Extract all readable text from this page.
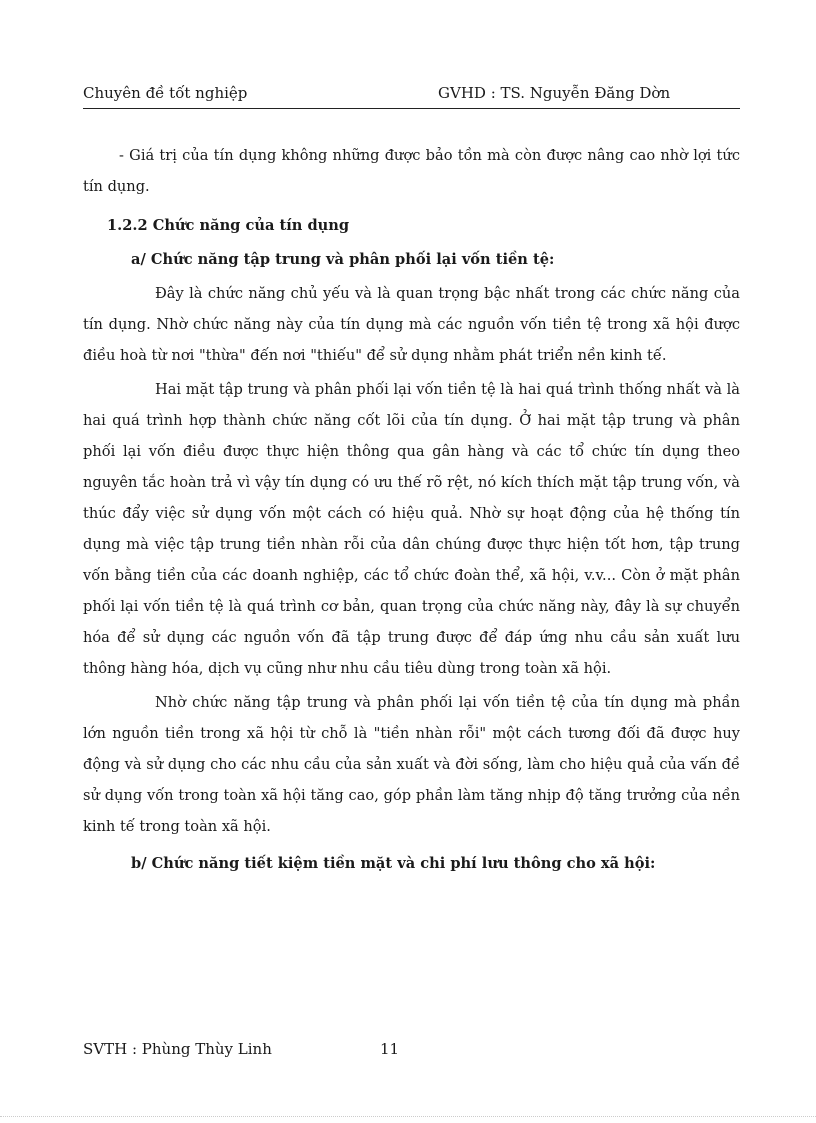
Chuyên đề tốt nghiệp	GVHD : TS. Nguyễn Đăng Dờn

- Giá trị của tín dụng không những được bảo tồn mà còn được nâng cao nhờ lợi tức tín dụng.

1.2.2 Chức năng của tín dụng
a/ Chức năng tập trung và phân phối lại vốn tiền tệ:

Đây là chức năng chủ yếu và là quan trọng bậc nhất trong các chức năng của tín dụng. Nhờ chức năng này của tín dụng mà các nguồn vốn tiền tệ trong xã hội được điều hoà từ nơi "thừa" đến nơi "thiếu" để sử dụng nhằm phát triển nền kinh tế.

Hai mặt tập trung và phân phối lại vốn tiền tệ là hai quá trình thống nhất và là hai quá trình hợp thành chức năng cốt lõi của tín dụng. Ở hai mặt tập trung và phân phối lại vốn điều được thực hiện thông qua gân hàng và các tổ chức tín dụng theo nguyên tắc hoàn trả vì vậy tín dụng có ưu thế rõ rệt, nó kích thích mặt tập trung vốn, và thúc đẩy việc sử dụng vốn một cách có hiệu quả. Nhờ sự hoạt động của hệ thống tín dụng mà việc tập trung tiền nhàn rỗi của dân chúng được thực hiện tốt hơn, tập trung vốn bằng tiền của các doanh nghiệp, các tổ chức đoàn thể, xã hội, v.v... Còn ở mặt phân phối lại vốn tiền tệ là quá trình cơ bản, quan trọng của chức năng này, đây là sự chuyển hóa để sử dụng các nguồn vốn đã tập trung được để đáp ứng nhu cầu sản xuất lưu thông hàng hóa, dịch vụ cũng như nhu cầu tiêu dùng trong toàn xã hội.

Nhờ chức năng tập trung và phân phối lại vốn tiền tệ của tín dụng mà phần lớn nguồn tiền trong xã hội từ chỗ là "tiền nhàn rỗi" một cách tương đối đã được huy động và sử dụng cho các nhu cầu của sản xuất và đời sống, làm cho hiệu quả của vấn đề sử dụng vốn trong toàn xã hội tăng cao, góp phần làm tăng nhịp độ tăng trưởng của nền kinh tế trong toàn xã hội.

b/ Chức năng tiết kiệm tiền mặt và chi phí lưu thông cho xã hội:
SVTH : Phùng Thùy Linh	11
